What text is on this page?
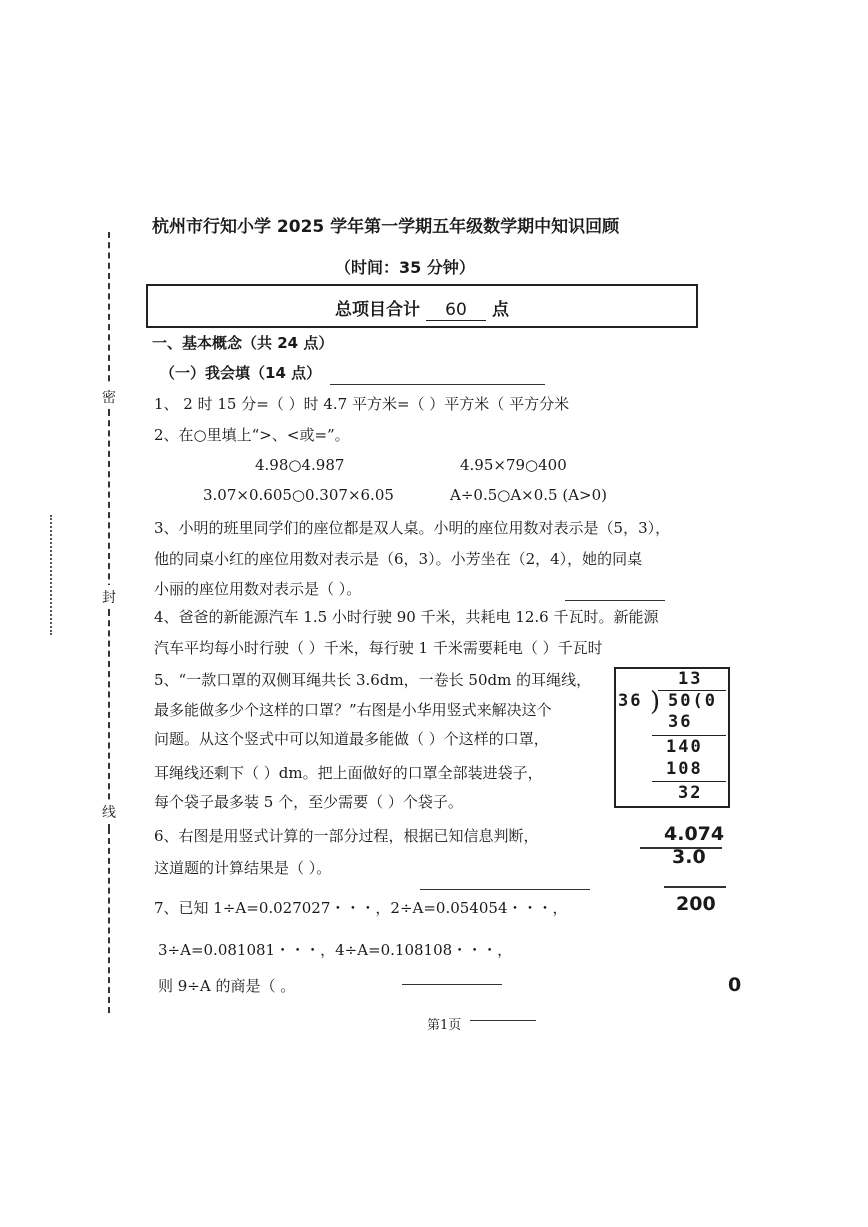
密
封
线
杭州市行知小学 2025 学年第一学期五年级数学期中知识回顾
（时间：35 分钟）
总项目合计 60 点
一、基本概念（共 24 点）
（一）我会填（14 点）
1、 2 时 15 分=（ ）时 4.7 平方米=（ ）平方米（ 平方分米
2、在○里填上“>、<或=”。
4.98○4.987	4.95×79○400
3.07×0.605○0.307×6.05	A÷0.5○A×0.5 (A>0)
3、小明的班里同学们的座位都是双人桌。小明的座位用数对表示是（5，3），
他的同桌小红的座位用数对表示是（6，3）。小芳坐在（2，4），她的同桌
小丽的座位用数对表示是（ ）。
4、爸爸的新能源汽车 1.5 小时行驶 90 千米，共耗电 12.6 千瓦时。新能源
汽车平均每小时行驶（ ）千米，每行驶 1 千米需要耗电（ ）千瓦时
5、“一款口罩的双侧耳绳共长 3.6dm，一卷长 50dm 的耳绳线，
最多能做多少个这样的口罩？”右图是小华用竖式来解决这个
问题。从这个竖式中可以知道最多能做（ ）个这样的口罩，
耳绳线还剩下（ ）dm。把上面做好的口罩全部装进袋子，
每个袋子最多装 5 个，至少需要（ ）个袋子。
13
36 ) 50(0
36
140
108
32
6、右图是用竖式计算的一部分过程，根据已知信息判断，
这道题的计算结果是（ ）。
4.074
3.0
200
0
7、已知 1÷A=0.027027・・・，2÷A=0.054054・・・，
3÷A=0.081081・・・，4÷A=0.108108・・・，
则 9÷A 的商是（ 。
第1页
